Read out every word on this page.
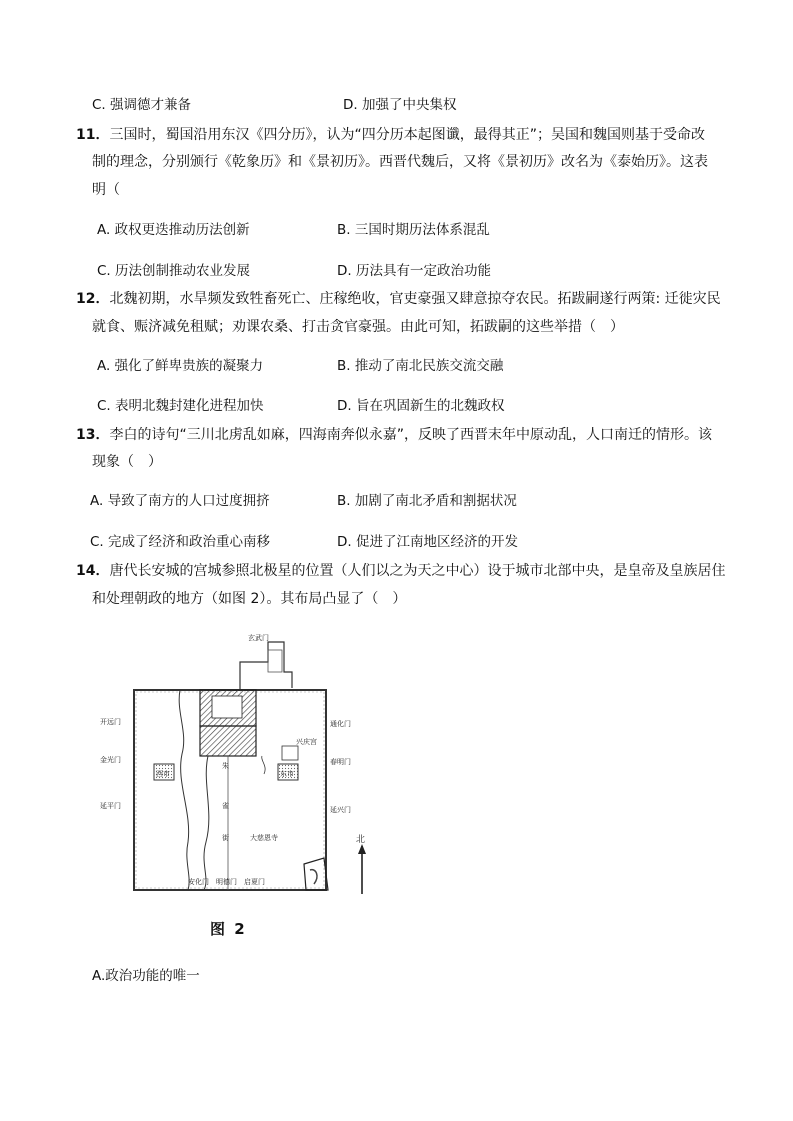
C. 强调德才兼备	D. 加强了中央集权
11．三国时，蜀国沿用东汉《四分历》，认为“四分历本起图谶，最得其正”；吴国和魏国则基于受命改
制的理念，分别颁行《乾象历》和《景初历》。西晋代魏后，又将《景初历》改名为《泰始历》。这表
明（
A. 政权更迭推动历法创新	B. 三国时期历法体系混乱
C. 历法创制推动农业发展	D. 历法具有一定政治功能
12．北魏初期，水旱频发致牲畜死亡、庄稼绝收，官吏豪强又肆意掠夺农民。拓跋嗣遂行两策: 迁徙灾民
就食、赈济减免租赋；劝课农桑、打击贪官豪强。由此可知，拓跋嗣的这些举措（　）
A. 强化了鲜卑贵族的凝聚力	B. 推动了南北民族交流交融
C. 表明北魏封建化进程加快	D. 旨在巩固新生的北魏政权
13．李白的诗句“三川北虏乱如麻，四海南奔似永嘉”，反映了西晋末年中原动乱，人口南迁的情形。该
现象（　）
A. 导致了南方的人口过度拥挤	B. 加剧了南北矛盾和割据状况
C. 完成了经济和政治重心南移	D. 促进了江南地区经济的开发
14．唐代长安城的宫城参照北极星的位置（人们以之为天之中心）设于城市北部中央，是皇帝及皇族居住
和处理朝政的地方（如图 2）。其布局凸显了（　）
玄武门
开远门
金光门
延平门
通化门
春明门
延兴门
安化门 明德门 启夏门
兴庆宫
西市	东市
朱
雀
街	大慈恩寺	北
图 2
A.政治功能的唯一
